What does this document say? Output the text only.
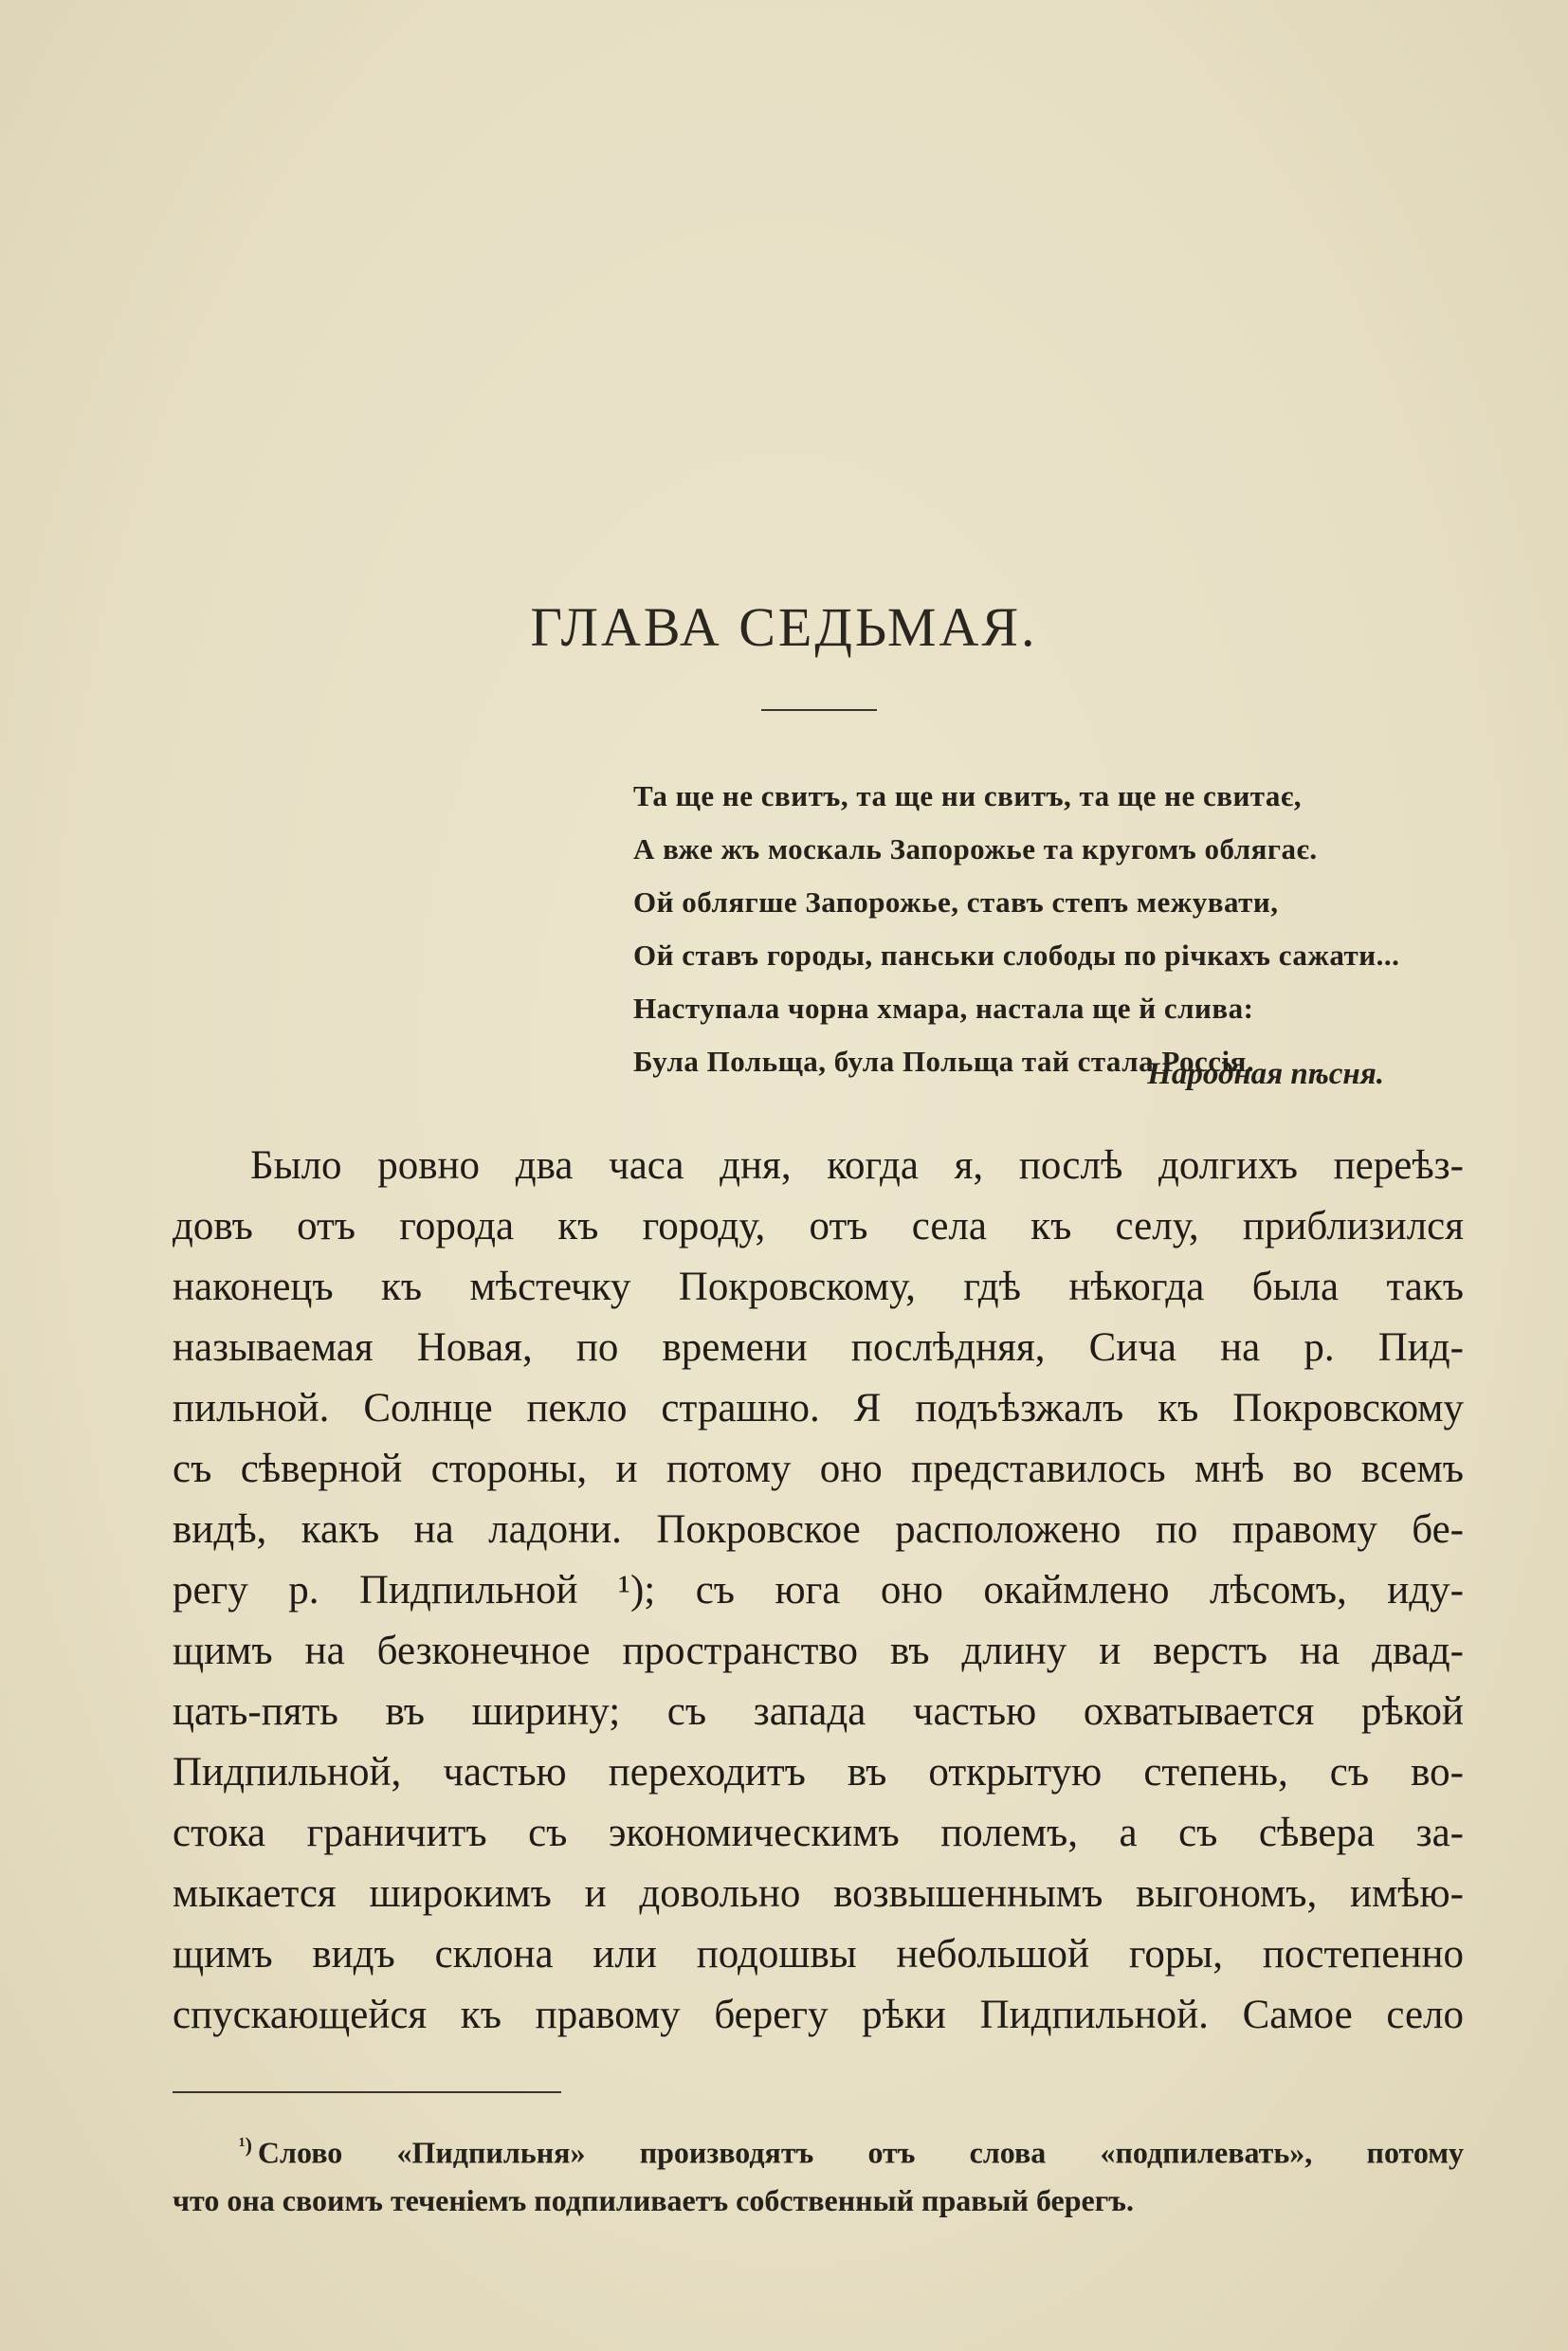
ГЛАВА СЕДЬМАЯ.
Та ще не свитъ, та ще ни свитъ, та ще не свитає,
А вже жъ москаль Запорожье та кругомъ облягає.
Ой облягше Запорожье, ставъ степъ межувати,
Ой ставъ городы, панськи слободы по річкахъ сажати...
Наступала чорна хмара, настала ще й слива:
Була Польща, була Польща тай стала Россія.
Народная пѣсня.
Было ровно два часа дня, когда я, послѣ долгихъ переѣз-
довъ отъ города къ городу, отъ села къ селу, приблизился
наконецъ къ мѣстечку Покровскому, гдѣ нѣкогда была такъ
называемая Новая, по времени послѣдняя, Сича на р. Пид-
пильной. Солнце пекло страшно. Я подъѣзжалъ къ Покровскому
съ сѣверной стороны, и потому оно представилось мнѣ во всемъ
видѣ, какъ на ладони. Покровское расположено по правому бе-
регу р. Пидпильной ¹); съ юга оно окаймлено лѣсомъ, иду-
щимъ на безконечное пространство въ длину и верстъ на двад-
цать-пять въ ширину; съ запада частью охватывается рѣкой
Пидпильной, частью переходитъ въ открытую степень, съ во-
стока граничитъ съ экономическимъ полемъ, а съ сѣвера за-
мыкается широкимъ и довольно возвышеннымъ выгономъ, имѣю-
щимъ видъ склона или подошвы небольшой горы, постепенно
спускающейся къ правому берегу рѣки Пидпильной. Самое село
$^{^1)}$ Слово «Пидпильня» производятъ отъ слова «подпилевать», потому
что она своимъ теченіемъ подпиливаетъ собственный правый берегъ.
